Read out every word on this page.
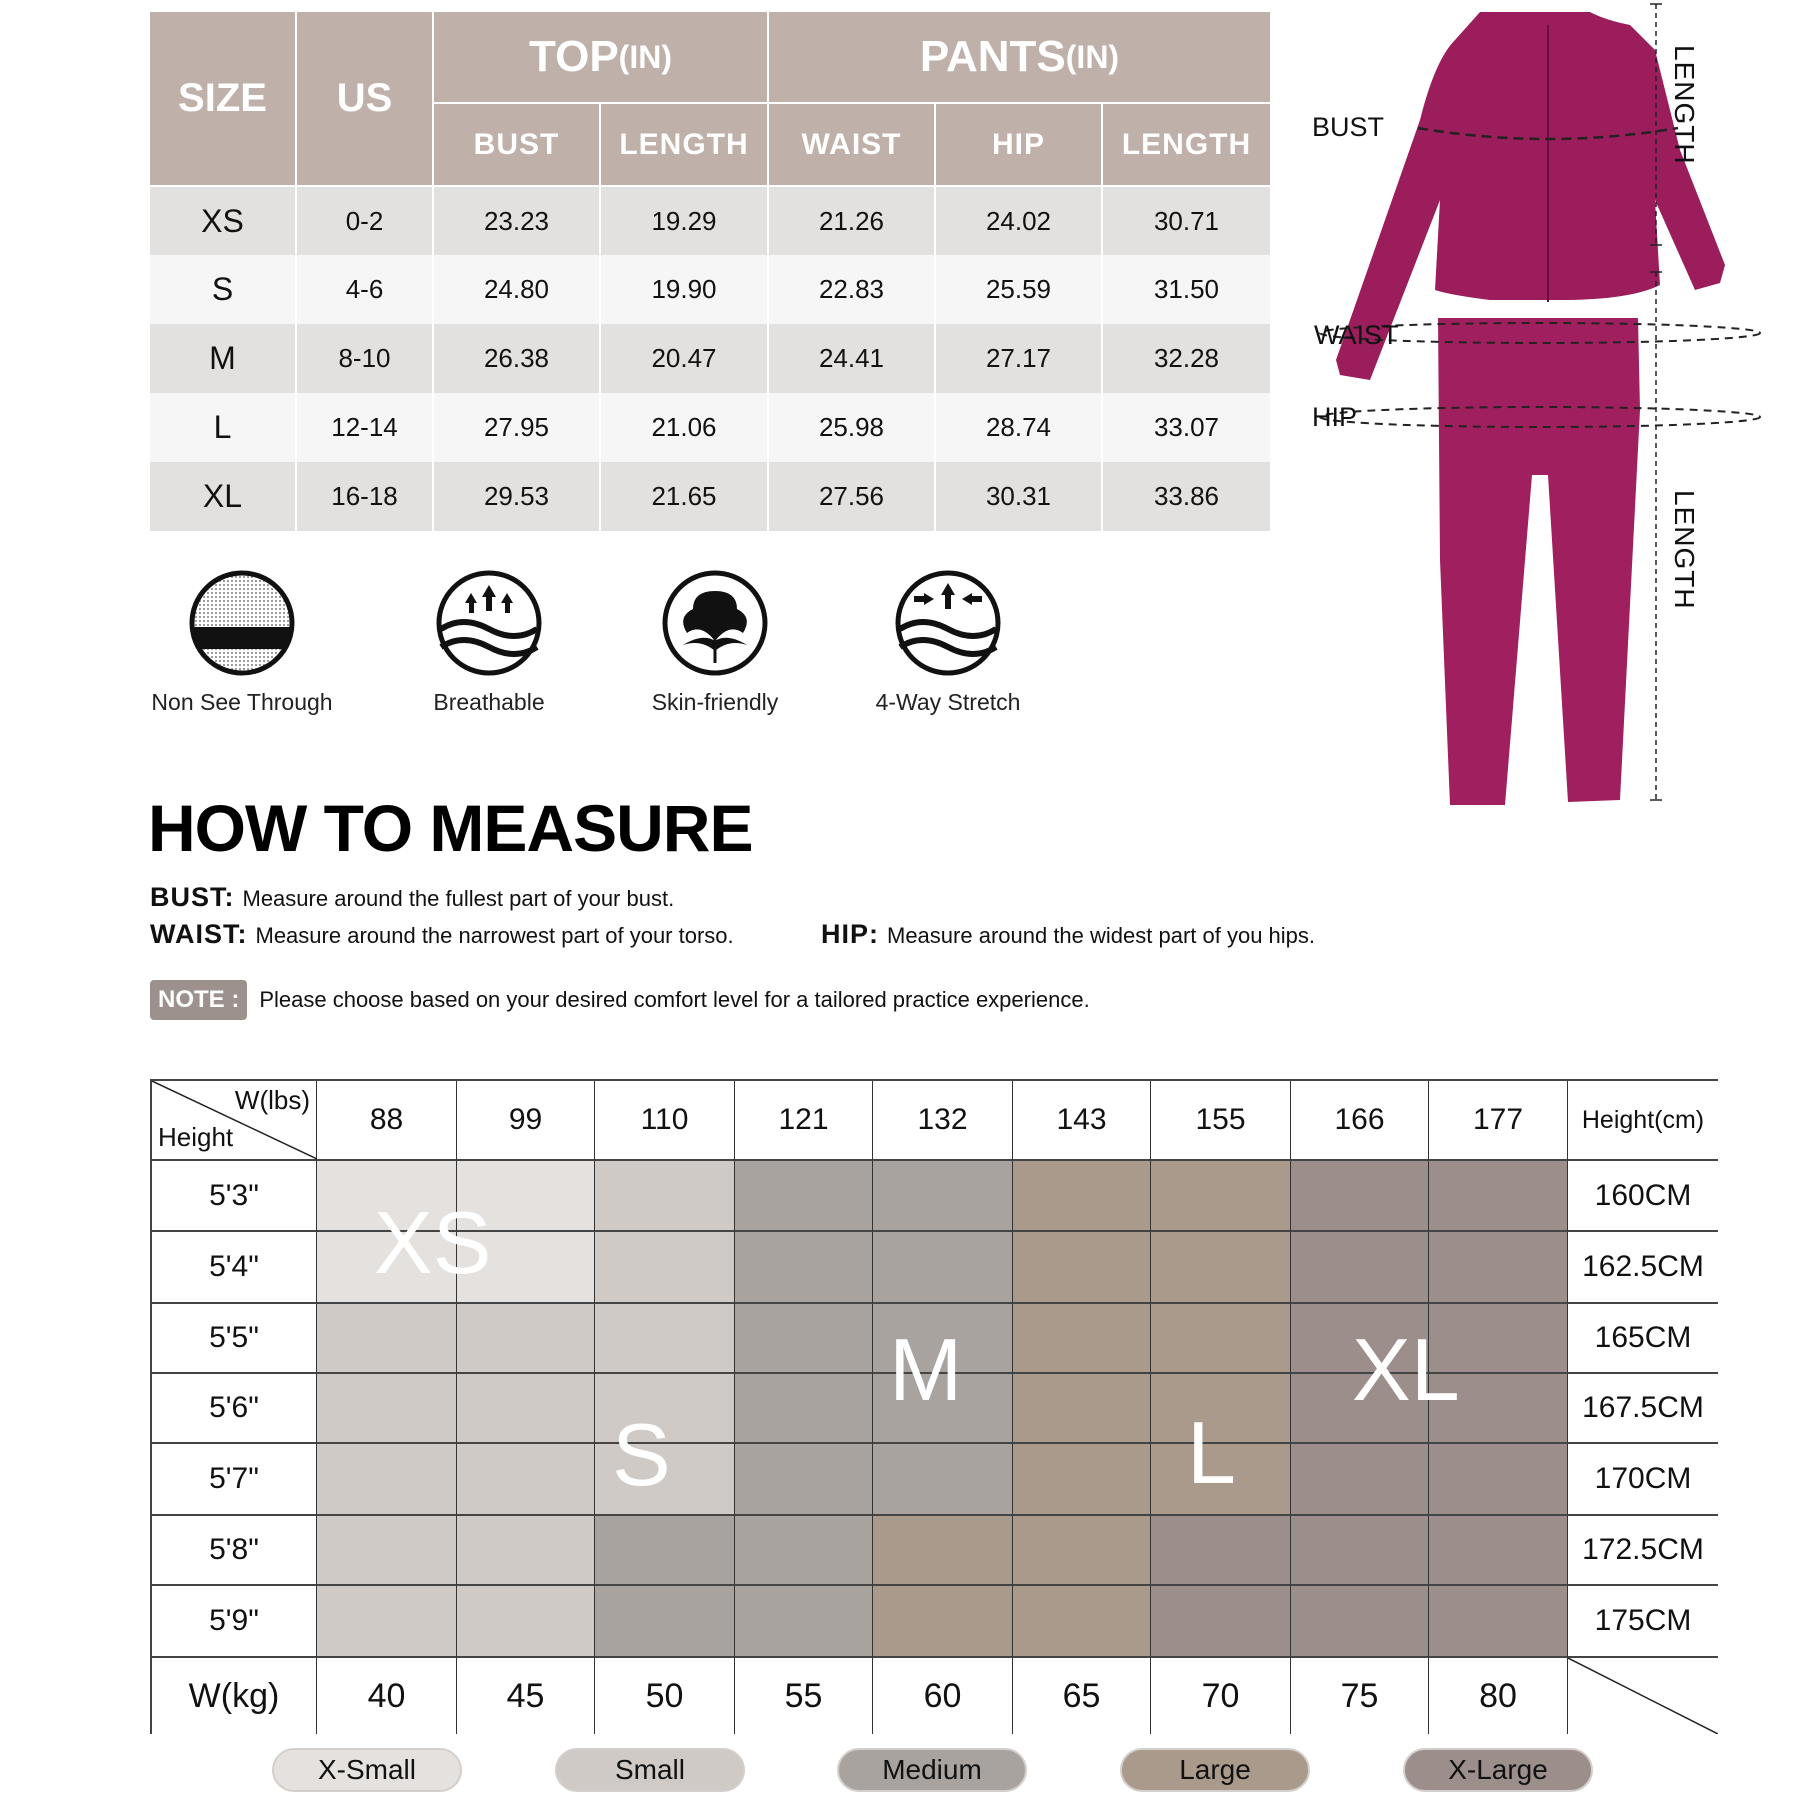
SIZE	US
TOP (IN)	PANTS (IN)
BUST	LENGTH	WAIST	HIP	LENGTH
XS	0-2	23.23	19.29	21.26	24.02	30.71
S	4-6	24.80	19.90	22.83	25.59	31.50
M	8-10	26.38	20.47	24.41	27.17	32.28
L	12-14	27.95	21.06	25.98	28.74	33.07
XL	16-18	29.53	21.65	27.56	30.31	33.86
BUST
WAIST
HIP
LENGTH
LENGTH
Non See Through	Breathable	Skin-friendly	4-Way Stretch
HOW TO MEASURE
BUST: Measure around the fullest part of your bust.
WAIST: Measure around the narrowest part of your torso.	HIP: Measure around the widest part of you hips.
NOTE : Please choose based on your desired comfort level for a tailored practice experience.
W(lbs)
Height
88	99	110	121	132	143	155	166	177	Height(cm)
5'3"	160CM
5'4"	162.5CM
5'5"	165CM
5'6"	167.5CM
5'7"	170CM
5'8"	172.5CM
5'9"	175CM
W(kg)	40	45	50	55	60	65	70	75	80
XS
S
M
L
XL
X-Small	Small	Medium	Large	X-Large
